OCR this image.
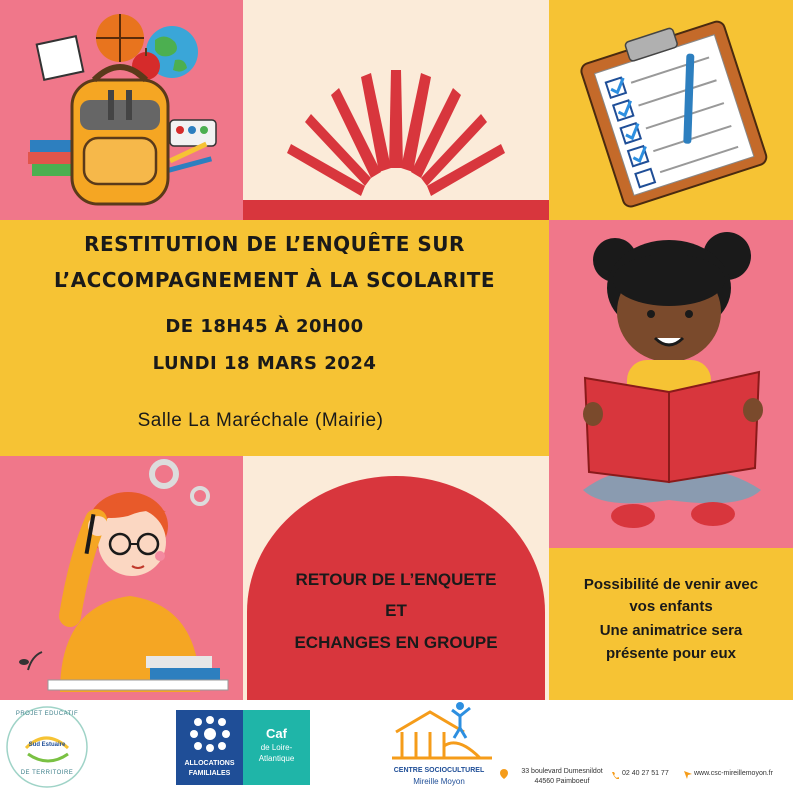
RESTITUTION DE L’ENQUÊTE SUR
L’ACCOMPAGNEMENT À LA SCOLARITE
DE 18H45 À 20H00
LUNDI 18 MARS 2024
Salle La Maréchale (Mairie)
RETOUR DE L’ENQUETE
ET
ECHANGES EN GROUPE
Possibilité de venir avec
vos enfants
Une animatrice sera
présente pour eux
PROJET EDUCATIF
Sud Estuaire
DE TERRITOIRE
ALLOCATIONS
FAMILIALES
Caf
de Loire-
Atlantique
CENTRE SOCIOCULTUREL
Mireille Moyon
33 boulevard Dumesnildot
44560 Paimboeuf
02 40 27 51 77	www.csc-mireillemoyon.fr
